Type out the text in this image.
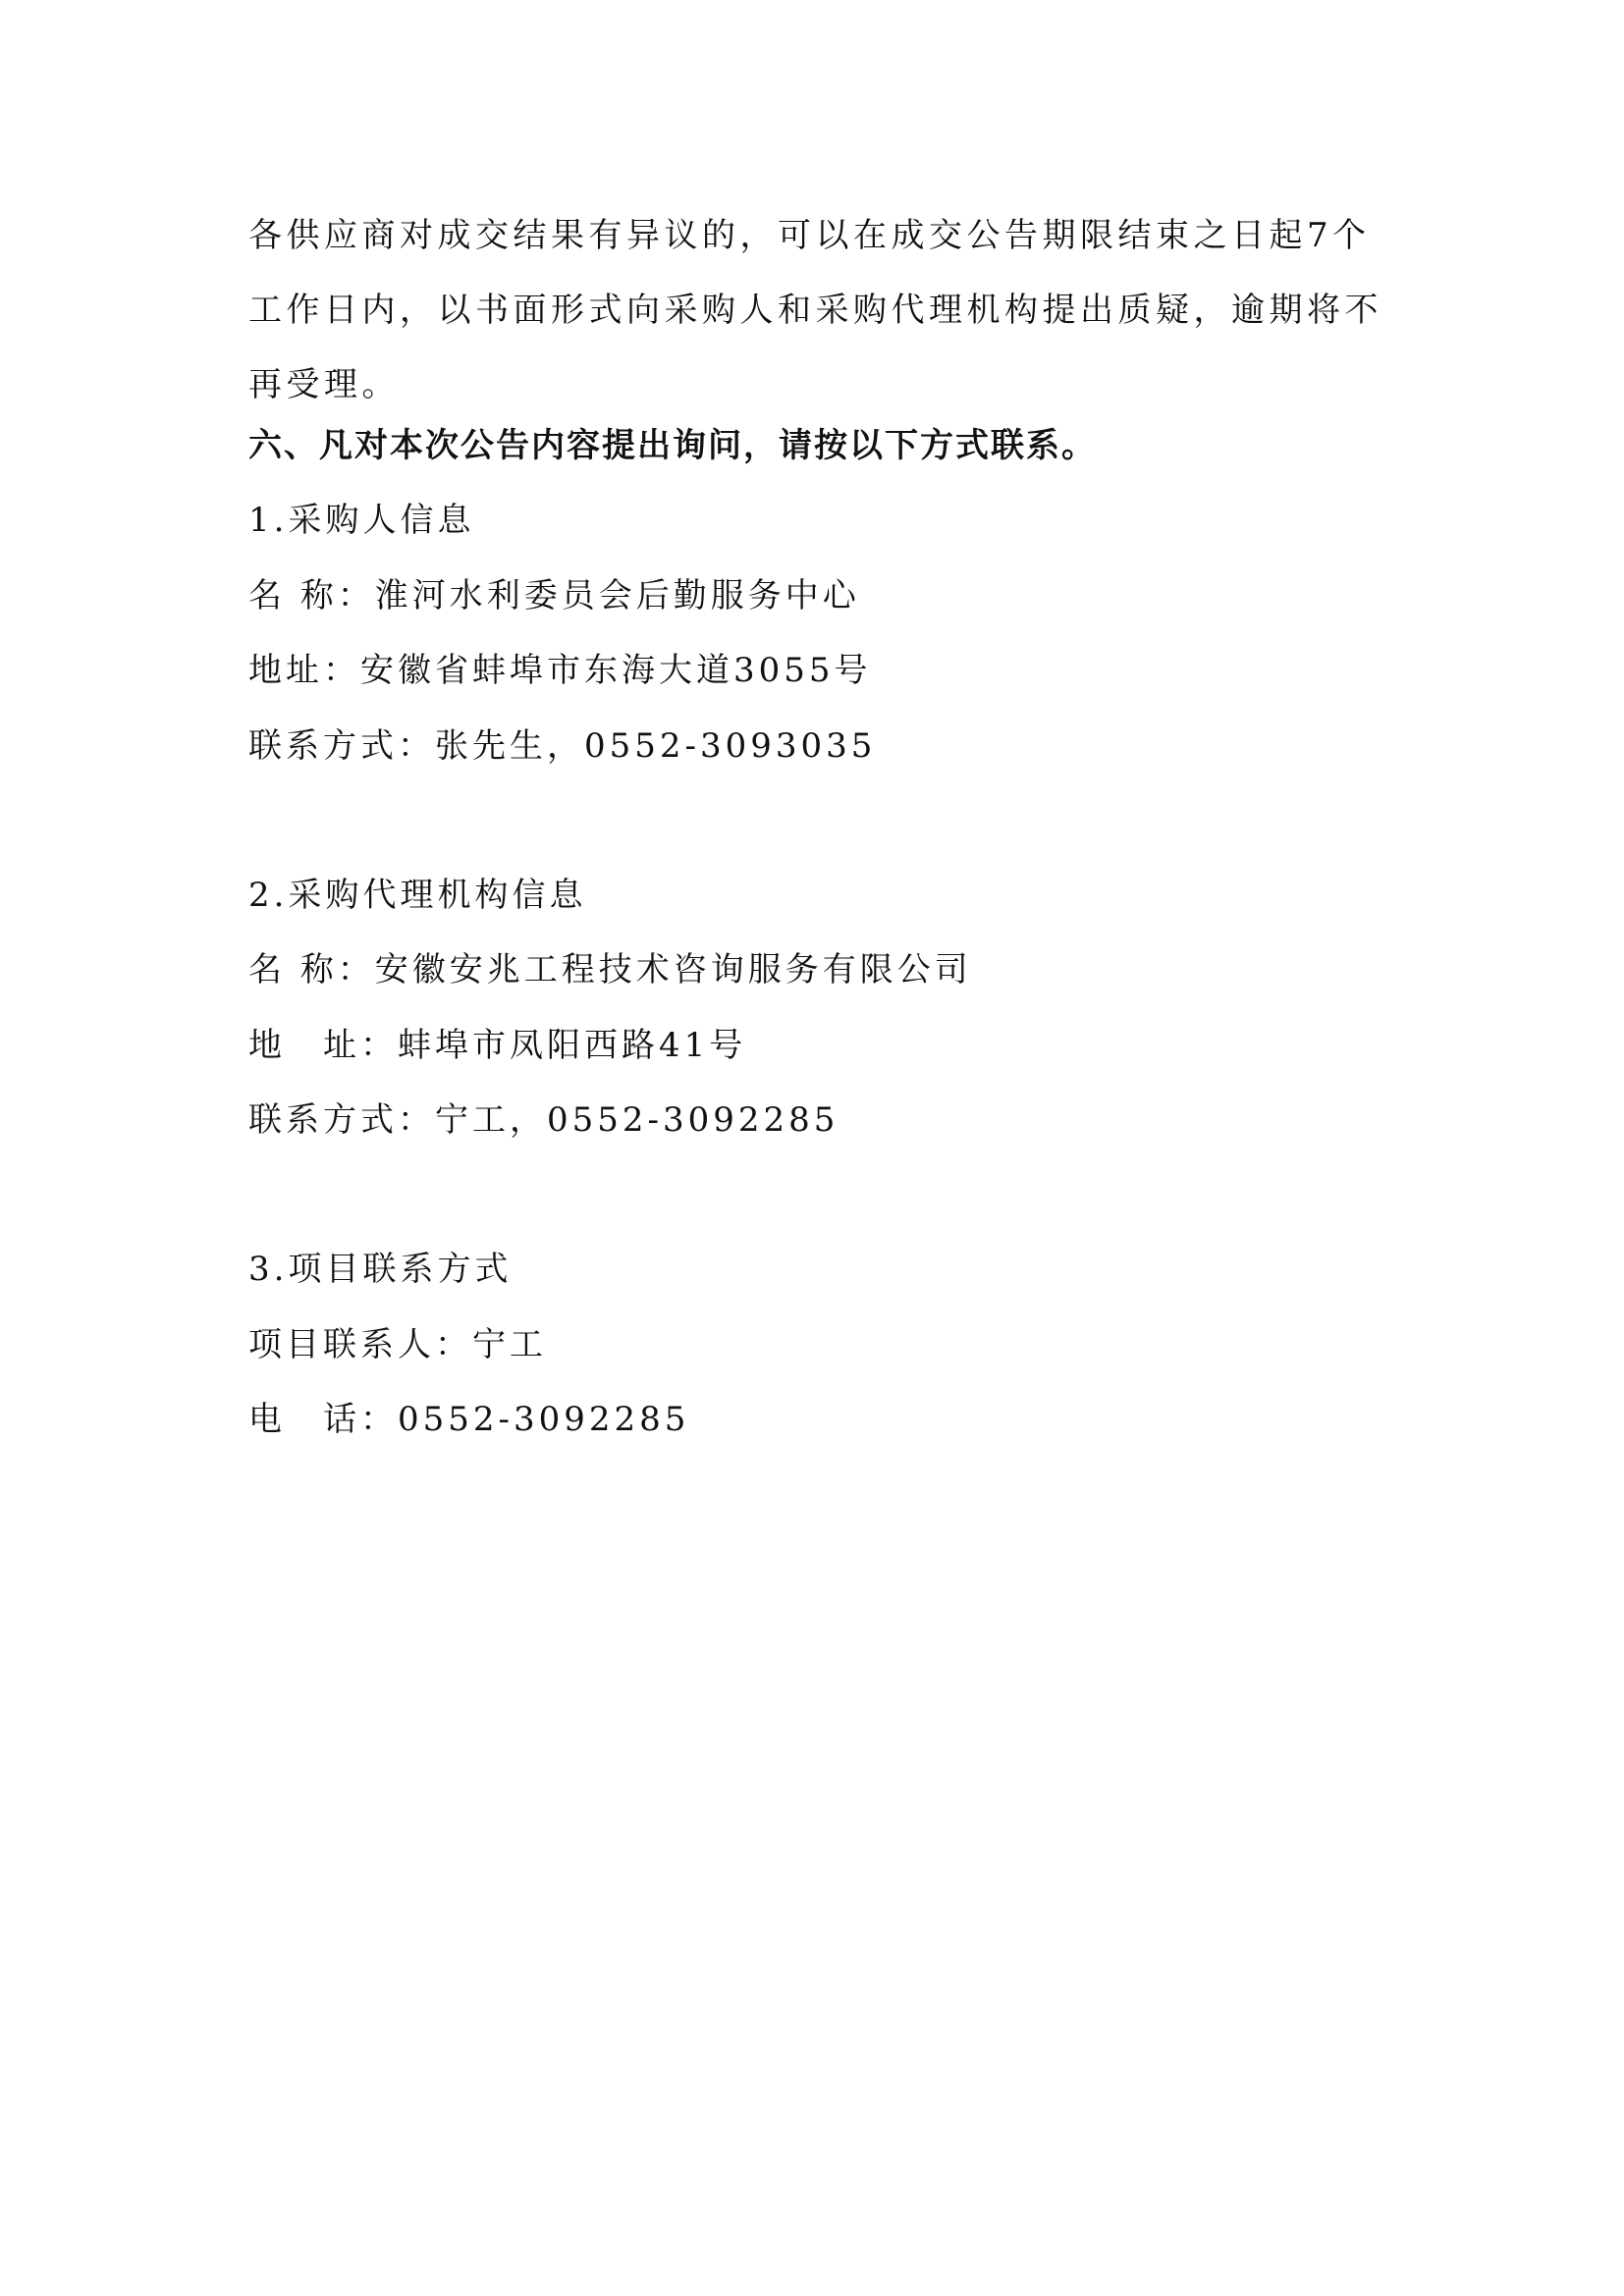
各供应商对成交结果有异议的，可以在成交公告期限结束之日起7个工作日内，以书面形式向采购人和采购代理机构提出质疑，逾期将不再受理。
六、凡对本次公告内容提出询问，请按以下方式联系。
1.采购人信息
名 称：淮河水利委员会后勤服务中心
地址：安徽省蚌埠市东海大道3055号
联系方式：张先生，0552-3093035
2.采购代理机构信息
名 称：安徽安兆工程技术咨询服务有限公司
地　址：蚌埠市凤阳西路41号
联系方式：宁工，0552-3092285
3.项目联系方式
项目联系人：宁工
电　话：0552-3092285
